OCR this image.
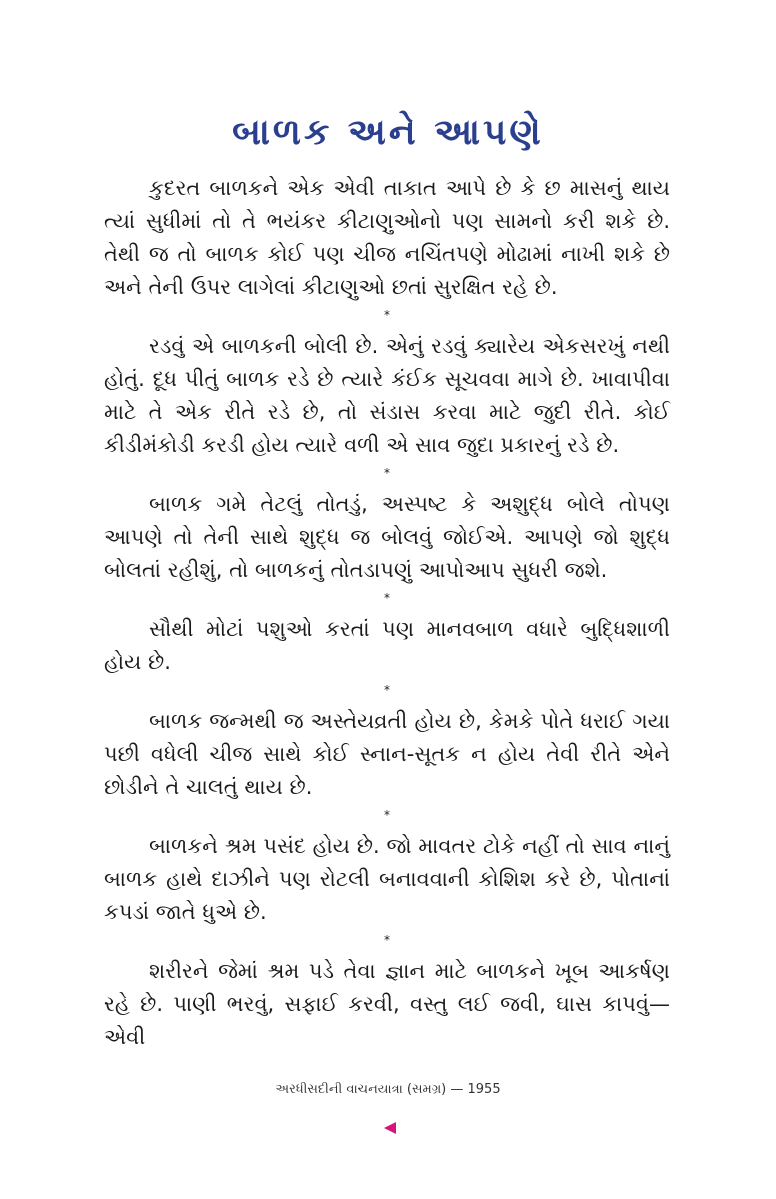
બાળક અને આપણે

કુદરત બાળકને એક એવી તાકાત આપે છે કે છ માસનું થાય ત્યાં સુધીમાં તો તે ભયંકર કીટાણુઓનો પણ સામનો કરી શકે છે. તેથી જ તો બાળક કોઈ પણ ચીજ નચિંતપણે મોઢામાં નાખી શકે છે અને તેની ઉપર લાગેલાં કીટાણુઓ છતાં સુરક્ષિત રહે છે.

*

રડવું એ બાળકની બોલી છે. એનું રડવું ક્યારેય એકસરખું નથી હોતું. દૂધ પીતું બાળક રડે છે ત્યારે કંઈક સૂચવવા માગે છે. ખાવાપીવા માટે તે એક રીતે રડે છે, તો સંડાસ કરવા માટે જુદી રીતે. કોઈ કીડીમંકોડી કરડી હોય ત્યારે વળી એ સાવ જુદા પ્રકારનું રડે છે.

*

બાળક ગમે તેટલું તોતડું, અસ્પષ્ટ કે અશુદ્ધ બોલે તોપણ આપણે તો તેની સાથે શુદ્ધ જ બોલવું જોઈએ. આપણે જો શુદ્ધ બોલતાં રહીશું, તો બાળકનું તોતડાપણું આપોઆપ સુધરી જશે.

*

સૌથી મોટાં પશુઓ કરતાં પણ માનવબાળ વધારે બુદ્ધિશાળી હોય છે.

*

બાળક જન્મથી જ અસ્તેયવ્રતી હોય છે, કેમકે પોતે ધરાઈ ગયા પછી વધેલી ચીજ સાથે કોઈ સ્નાન-સૂતક ન હોય તેવી રીતે એને છોડીને તે ચાલતું થાય છે.

*

બાળકને શ્રમ પસંદ હોય છે. જો માવતર ટોકે નહીં તો સાવ નાનું બાળક હાથે દાઝીને પણ રોટલી બનાવવાની કોશિશ કરે છે, પોતાનાં કપડાં જાતે ધુએ છે.

*

શરીરને જેમાં શ્રમ પડે તેવા જ્ઞાન માટે બાળકને ખૂબ આકર્ષણ રહે છે. પાણી ભરવું, સફાઈ કરવી, વસ્તુ લઈ જવી, ઘાસ કાપવું—એવી

અરધીસદીની વાચનયાત્રા (સમગ્ર) — 1955
